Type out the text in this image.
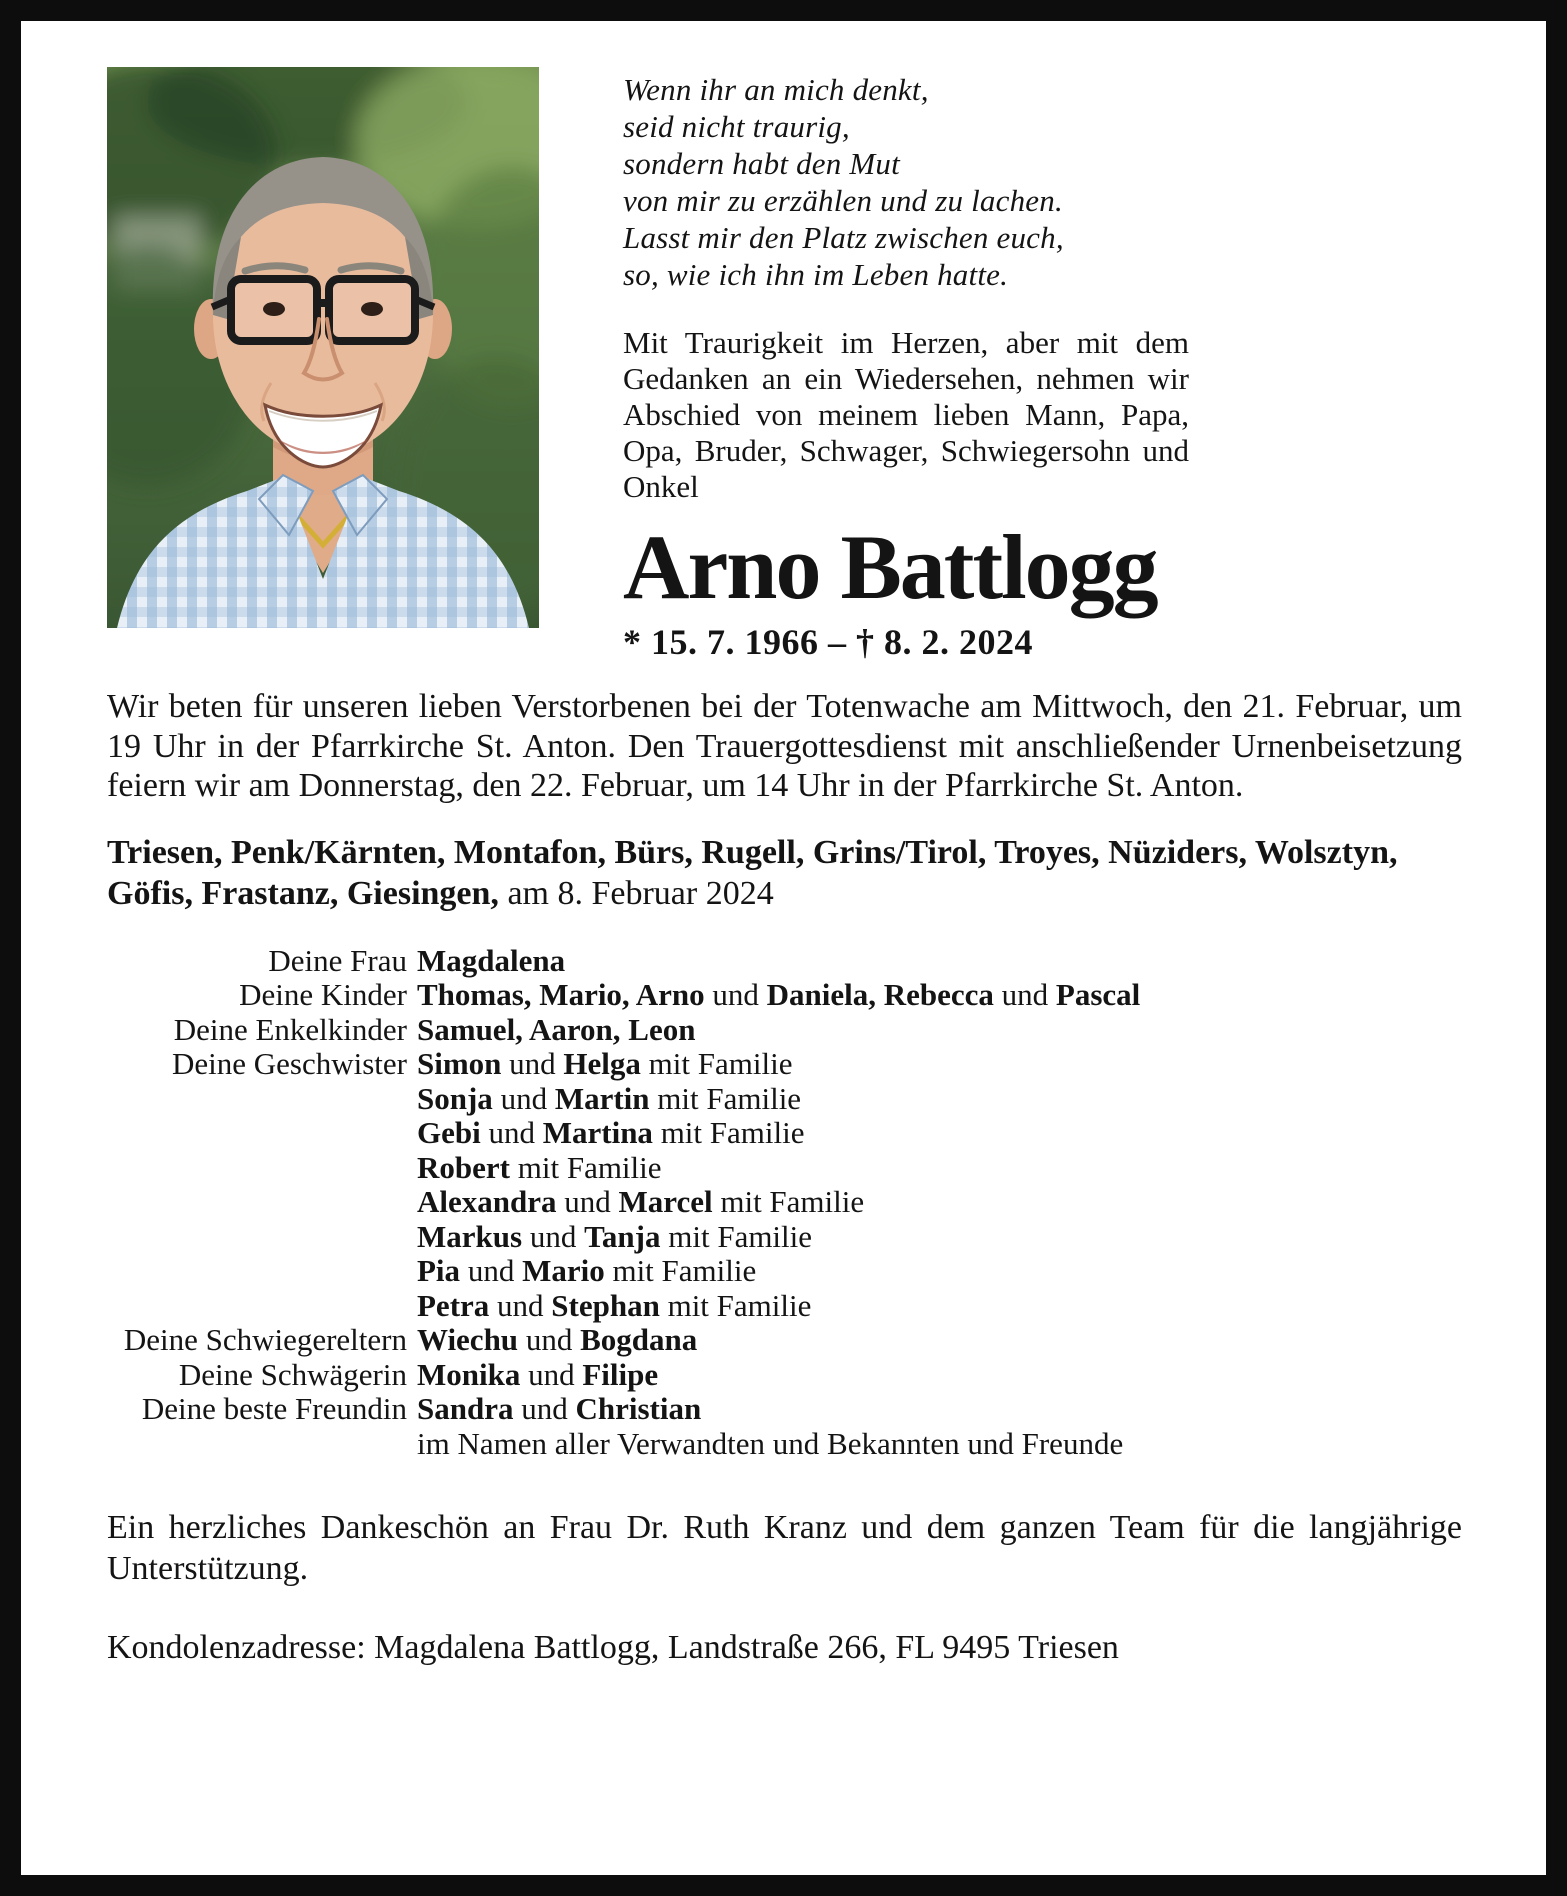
Wenn ihr an mich denkt,
seid nicht traurig,
sondern habt den Mut
von mir zu erzählen und zu lachen.
Lasst mir den Platz zwischen euch,
so, wie ich ihn im Leben hatte.

Mit Traurigkeit im Herzen, aber mit dem Gedanken an ein Wiedersehen, nehmen wir Abschied von meinem lieben Mann, Papa, Opa, Bruder, Schwager, Schwiegersohn und Onkel

Arno Battlogg
* 15. 7. 1966 – † 8. 2. 2024

Wir beten für unseren lieben Verstorbenen bei der Totenwache am Mittwoch, den 21. Februar, um 19 Uhr in der Pfarrkirche St. Anton. Den Trauergottesdienst mit anschließender Urnenbeisetzung feiern wir am Donnerstag, den 22. Februar, um 14 Uhr in der Pfarrkirche St. Anton.

Triesen, Penk/Kärnten, Montafon, Bürs, Rugell, Grins/Tirol, Troyes, Nüziders, Wolsztyn, Göfis, Frastanz, Giesingen, am 8. Februar 2024

Deine Frau Magdalena
Deine Kinder Thomas, Mario, Arno und Daniela, Rebecca und Pascal
Deine Enkelkinder Samuel, Aaron, Leon
Deine Geschwister Simon und Helga mit Familie
Sonja und Martin mit Familie
Gebi und Martina mit Familie
Robert mit Familie
Alexandra und Marcel mit Familie
Markus und Tanja mit Familie
Pia und Mario mit Familie
Petra und Stephan mit Familie
Deine Schwiegereltern Wiechu und Bogdana
Deine Schwägerin Monika und Filipe
Deine beste Freundin Sandra und Christian
im Namen aller Verwandten und Bekannten und Freunde

Ein herzliches Dankeschön an Frau Dr. Ruth Kranz und dem ganzen Team für die langjährige Unterstützung.

Kondolenzadresse: Magdalena Battlogg, Landstraße 266, FL 9495 Triesen
